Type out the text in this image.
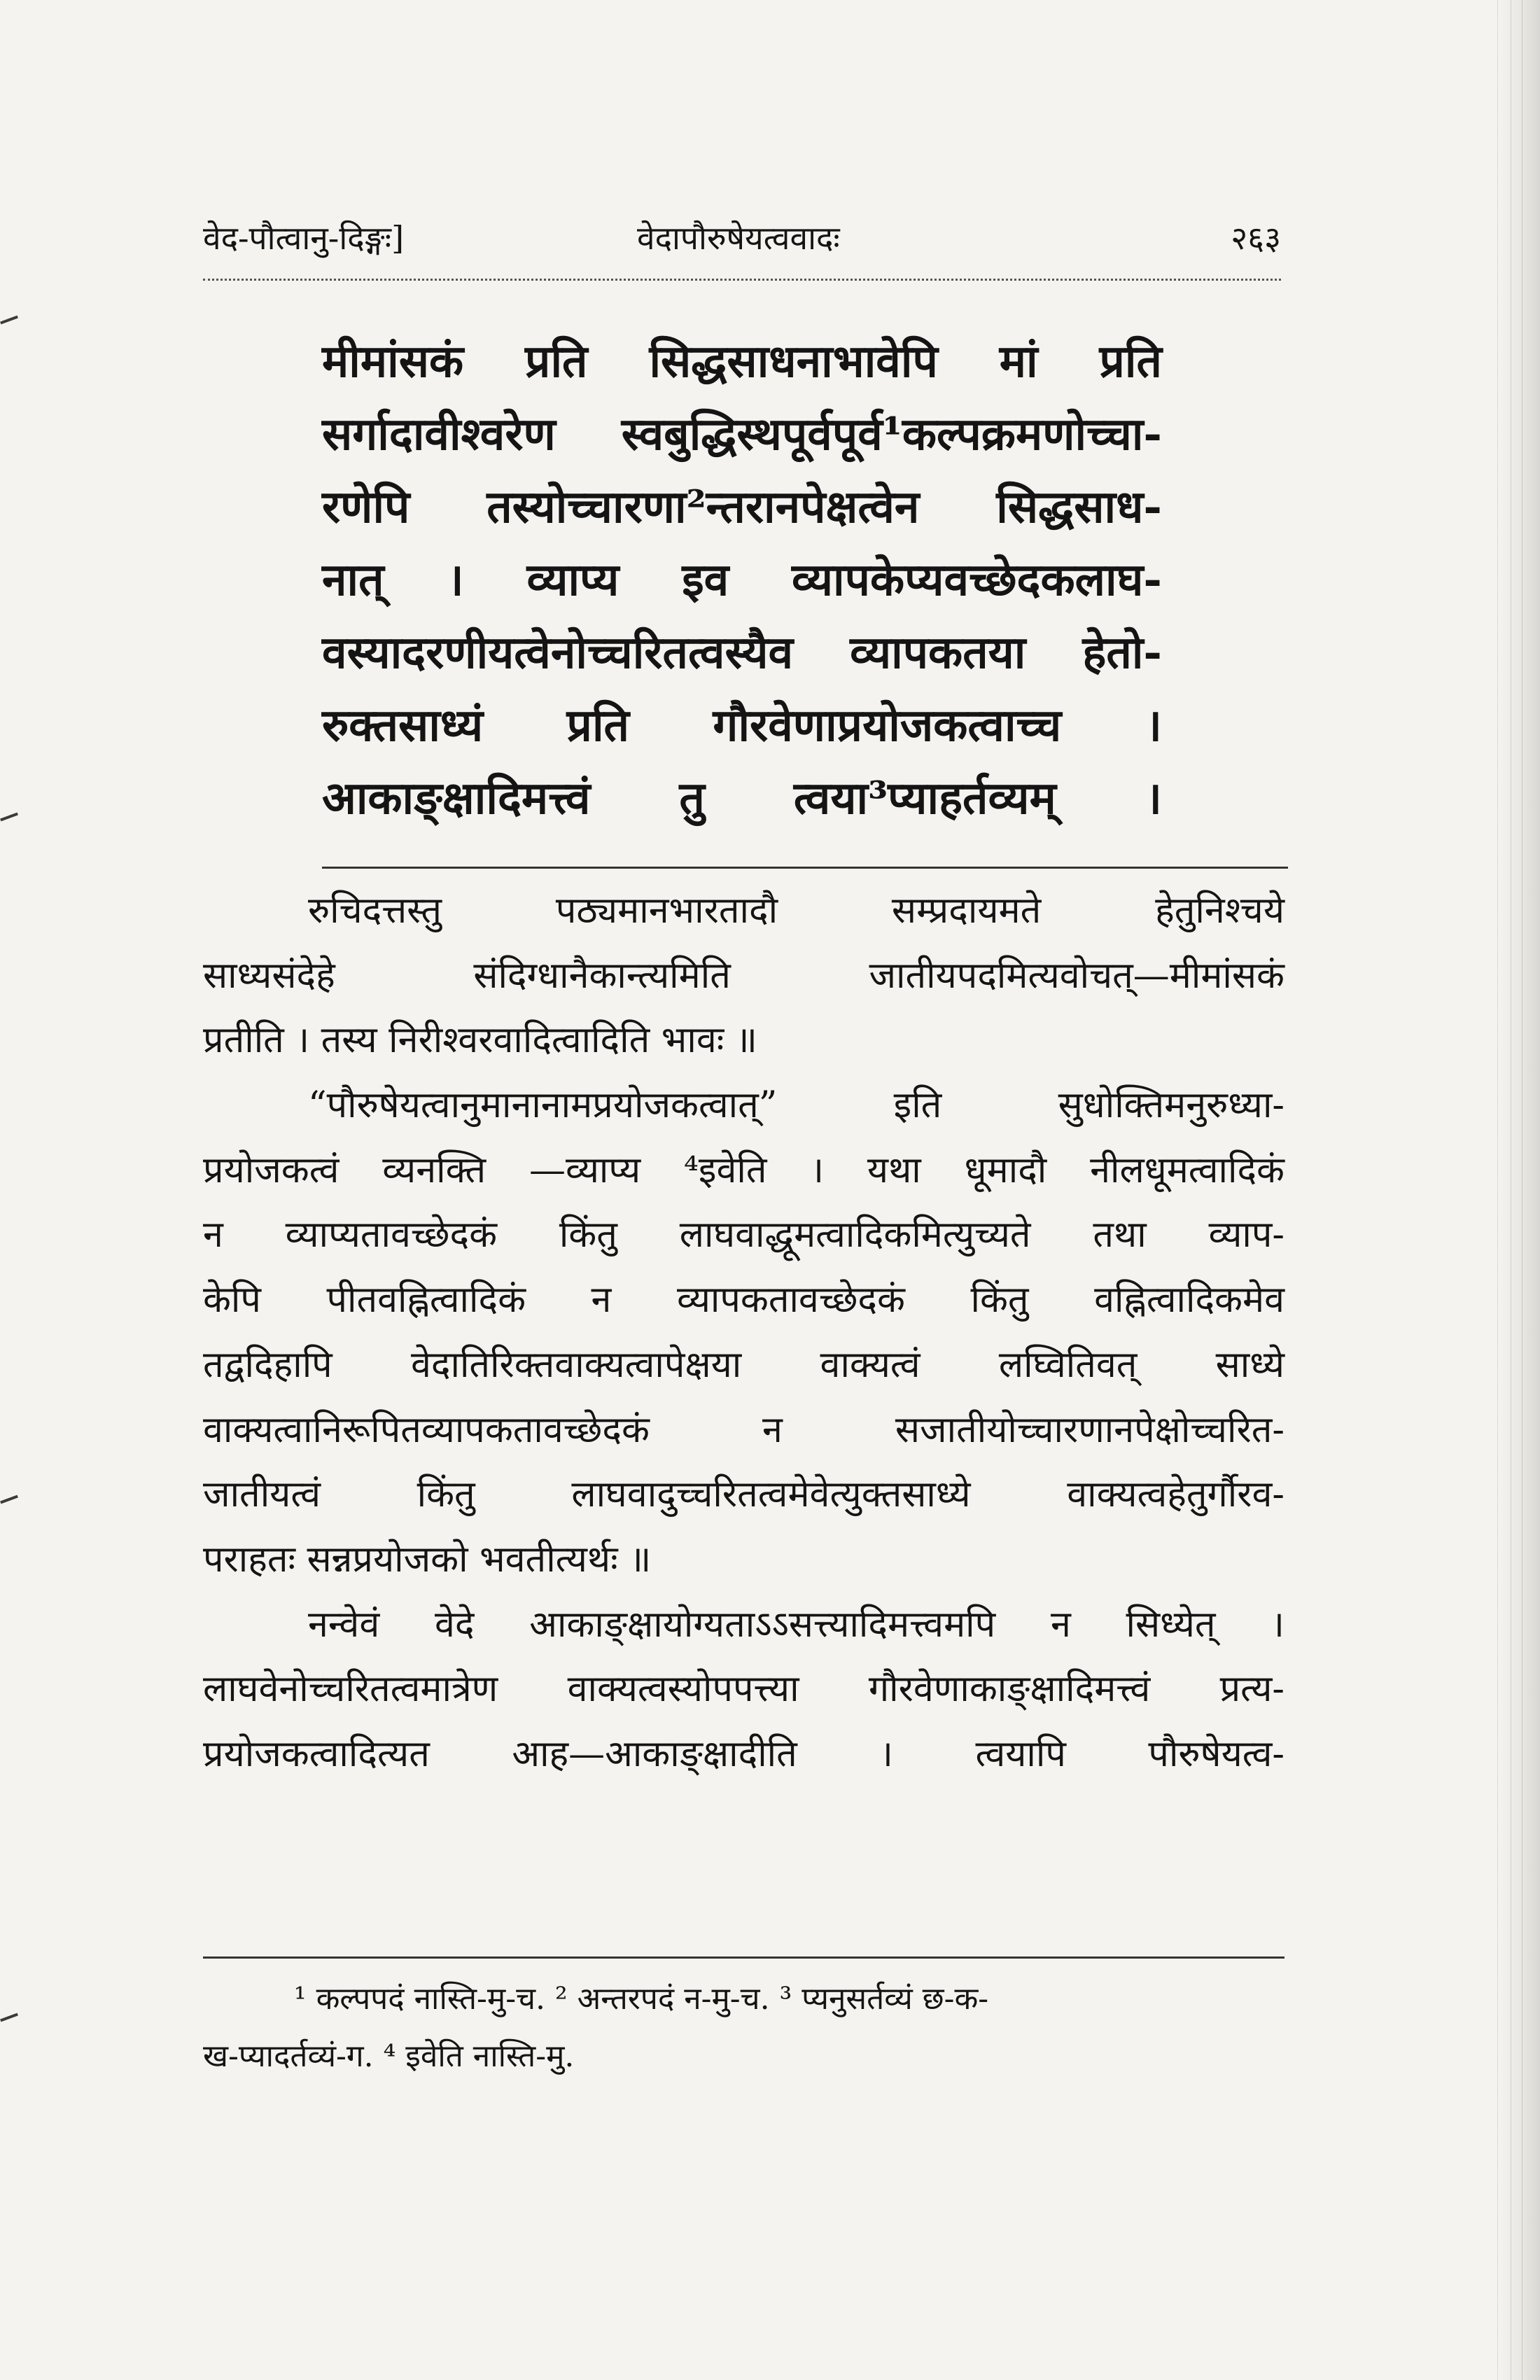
वेद-पौत्वानु-दिङ्गः]	वेदापौरुषेयत्ववादः	२६३
मीमांसकं प्रति सिद्धसाधनाभावेपि मां प्रति
सर्गादावीश्वरेण स्वबुद्धिस्थपूर्वपूर्व¹कल्पक्रमणोच्चा-
रणेपि तस्योच्चारणा²न्तरानपेक्षत्वेन सिद्धसाध-
नात् । व्याप्य इव व्यापकेप्यवच्छेदकलाघ-
वस्यादरणीयत्वेनोच्चरितत्वस्यैव व्यापकतया हेतो-
रुक्तसाध्यं प्रति गौरवेणाप्रयोजकत्वाच्च ।
आकाङ्क्षादिमत्त्वं तु त्वया³प्याहर्तव्यम् ।
रुचिदत्तस्तु पठ्यमानभारतादौ सम्प्रदायमते हेतुनिश्चये
साध्यसंदेहे संदिग्धानैकान्त्यमिति जातीयपदमित्यवोचत्—मीमांसकं
प्रतीति । तस्य निरीश्वरवादित्वादिति भावः ॥
“पौरुषेयत्वानुमानानामप्रयोजकत्वात्” इति सुधोक्तिमनुरुध्या-
प्रयोजकत्वं व्यनक्ति —व्याप्य ⁴इवेति । यथा धूमादौ नीलधूमत्वादिकं
न व्याप्यतावच्छेदकं किंतु लाघवाद्धूमत्वादिकमित्युच्यते तथा व्याप-
केपि पीतवह्नित्वादिकं न व्यापकतावच्छेदकं किंतु वह्नित्वादिकमेव
तद्वदिहापि वेदातिरिक्तवाक्यत्वापेक्षया वाक्यत्वं लघ्वितिवत् साध्ये
वाक्यत्वानिरूपितव्यापकतावच्छेदकं न सजातीयोच्चारणानपेक्षोच्चरित-
जातीयत्वं किंतु लाघवादुच्चरितत्वमेवेत्युक्तसाध्ये वाक्यत्वहेतुर्गौरव-
पराहतः सन्नप्रयोजको भवतीत्यर्थः ॥
नन्वेवं वेदे आकाङ्क्षायोग्यताऽऽसत्त्यादिमत्त्वमपि न सिध्येत् ।
लाघवेनोच्चरितत्वमात्रेण वाक्यत्वस्योपपत्त्या गौरवेणाकाङ्क्षादिमत्त्वं प्रत्य-
प्रयोजकत्वादित्यत आह—आकाङ्क्षादीति । त्वयापि पौरुषेयत्व-
¹ कल्पपदं नास्ति-मु-च. ² अन्तरपदं न-मु-च. ³ प्यनुसर्तव्यं छ-क-
ख-प्यादर्तव्यं-ग. ⁴ इवेति नास्ति-मु.
